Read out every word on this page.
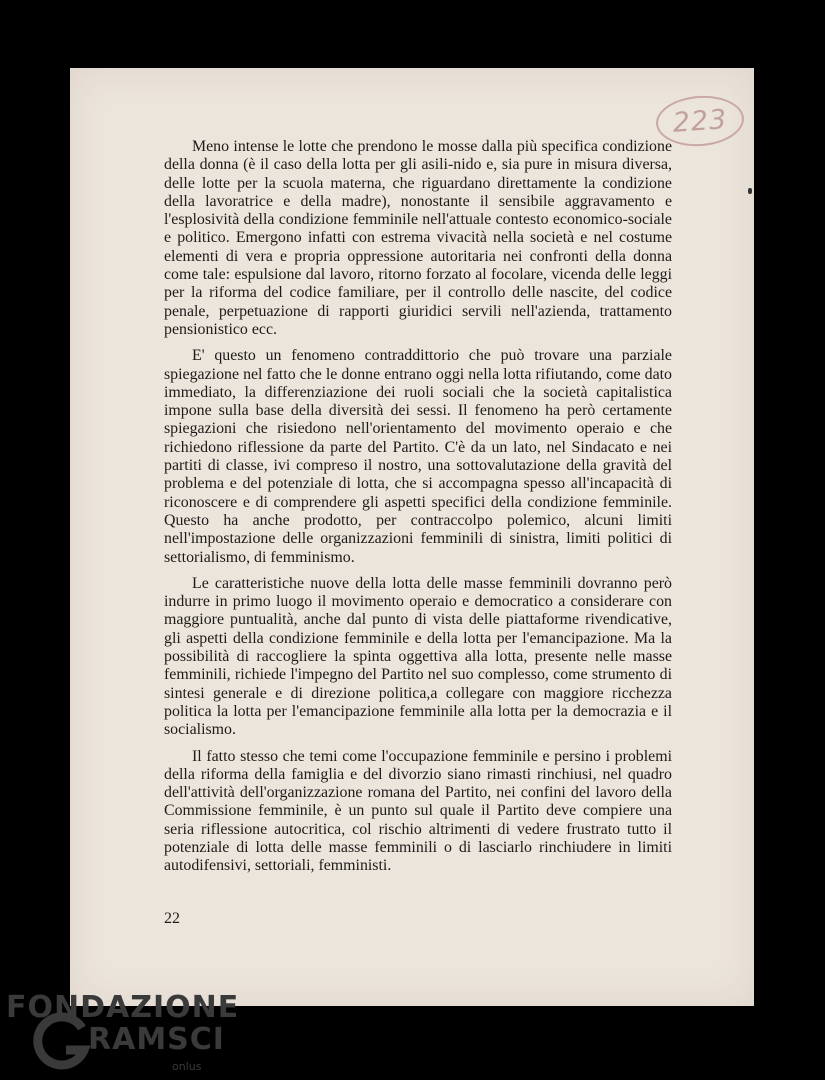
223

Meno intense le lotte che prendono le mosse dalla più specifica condizione della donna (è il caso della lotta per gli asili-nido e, sia pure in misura diversa, delle lotte per la scuola materna, che riguardano direttamente la condizione della lavoratrice e della madre), nonostante il sensibile aggravamento e l'esplosività della condizione femminile nell'attuale contesto economico-sociale e politico. Emergono infatti con estrema vivacità nella società e nel costume elementi di vera e propria oppressione autoritaria nei confronti della donna come tale: espulsione dal lavoro, ritorno forzato al focolare, vicenda delle leggi per la riforma del codice familiare, per il controllo delle nascite, del codice penale, perpetuazione di rapporti giuridici servili nell'azienda, trattamento pensionistico ecc.

E' questo un fenomeno contraddittorio che può trovare una parziale spiegazione nel fatto che le donne entrano oggi nella lotta rifiutando, come dato immediato, la differenziazione dei ruoli sociali che la società capitalistica impone sulla base della diversità dei sessi. Il fenomeno ha però certamente spiegazioni che risiedono nell'orientamento del movimento operaio e che richiedono riflessione da parte del Partito. C'è da un lato, nel Sindacato e nei partiti di classe, ivi compreso il nostro, una sottovalutazione della gravità del problema e del potenziale di lotta, che si accompagna spesso all'incapacità di riconoscere e di comprendere gli aspetti specifici della condizione femminile. Questo ha anche prodotto, per contraccolpo polemico, alcuni limiti nell'impostazione delle organizzazioni femminili di sinistra, limiti politici di settorialismo, di femminismo.

Le caratteristiche nuove della lotta delle masse femminili dovranno però indurre in primo luogo il movimento operaio e democratico a considerare con maggiore puntualità, anche dal punto di vista delle piattaforme rivendicative, gli aspetti della condizione femminile e della lotta per l'emancipazione. Ma la possibilità di raccogliere la spinta oggettiva alla lotta, presente nelle masse femminili, richiede l'impegno del Partito nel suo complesso, come strumento di sintesi generale e di direzione politica,a collegare con maggiore ricchezza politica la lotta per l'emancipazione femminile alla lotta per la democrazia e il socialismo.

Il fatto stesso che temi come l'occupazione femminile e persino i problemi della riforma della famiglia e del divorzio siano rimasti rinchiusi, nel quadro dell'attività dell'organizzazione romana del Partito, nei confini del lavoro della Commissione femminile, è un punto sul quale il Partito deve compiere una seria riflessione autocritica, col rischio altrimenti di vedere frustrato tutto il potenziale di lotta delle masse femminili o di lasciarlo rinchiudere in limiti autodifensivi, settoriali, femministi.

22
FONDAZIONE
RAMSCI
onlus
